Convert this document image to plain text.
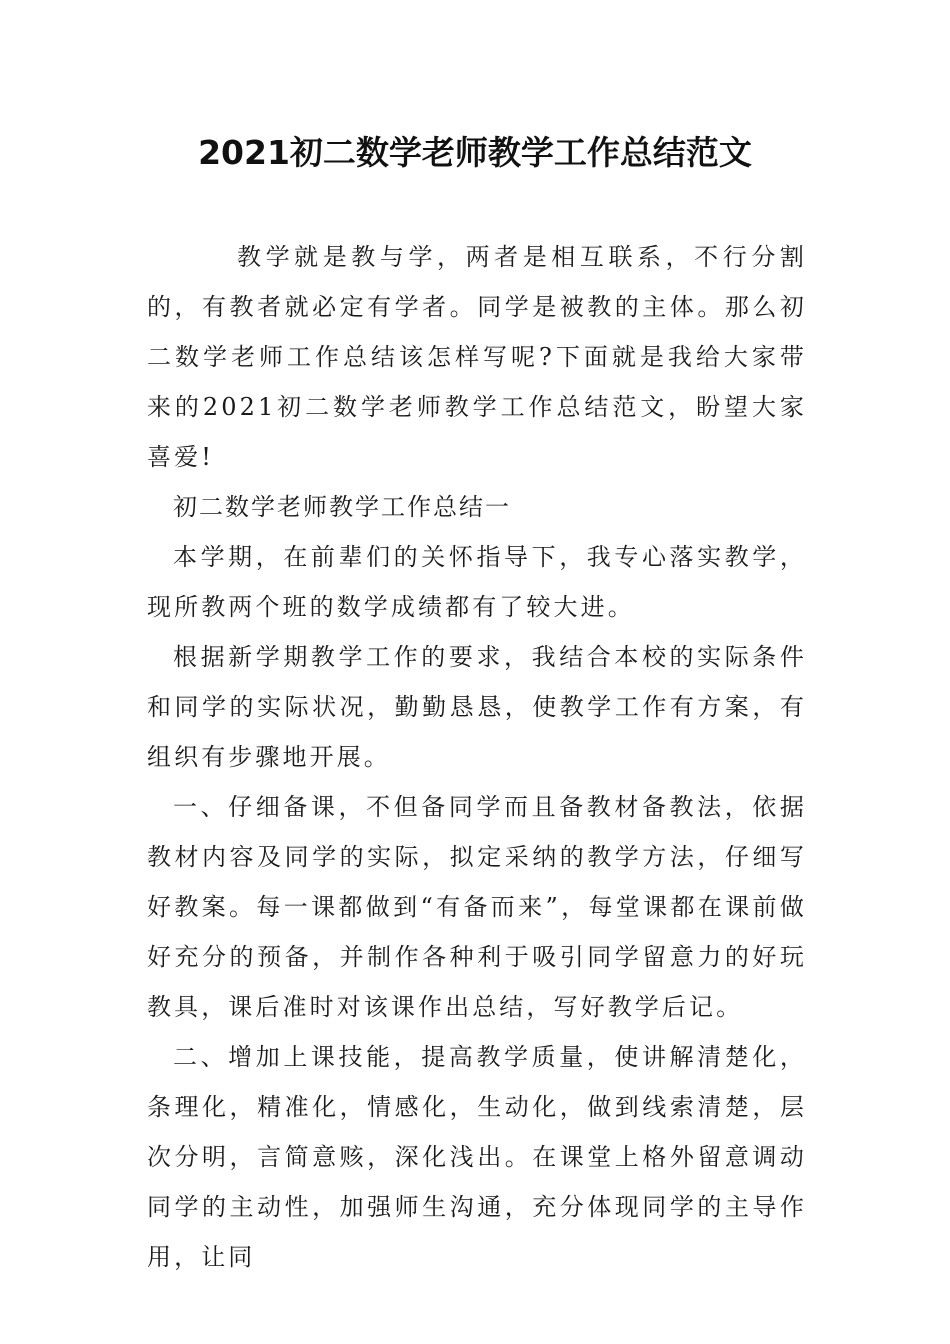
2021初二数学老师教学工作总结范文

教学就是教与学，两者是相互联系，不行分割的，有教者就必定有学者。同学是被教的主体。那么初二数学老师工作总结该怎样写呢?下面就是我给大家带来的2021初二数学老师教学工作总结范文，盼望大家喜爱!

初二数学老师教学工作总结一

本学期，在前辈们的关怀指导下，我专心落实教学，现所教两个班的数学成绩都有了较大进。

根据新学期教学工作的要求，我结合本校的实际条件和同学的实际状况，勤勤恳恳，使教学工作有方案，有组织有步骤地开展。

一、仔细备课，不但备同学而且备教材备教法，依据教材内容及同学的实际，拟定采纳的教学方法，仔细写好教案。每一课都做到“有备而来”，每堂课都在课前做好充分的预备，并制作各种利于吸引同学留意力的好玩教具，课后准时对该课作出总结，写好教学后记。

二、增加上课技能，提高教学质量，使讲解清楚化，条理化，精准化，情感化，生动化，做到线索清楚，层次分明，言简意赅，深化浅出。在课堂上格外留意调动同学的主动性，加强师生沟通，充分体现同学的主导作用，让同
